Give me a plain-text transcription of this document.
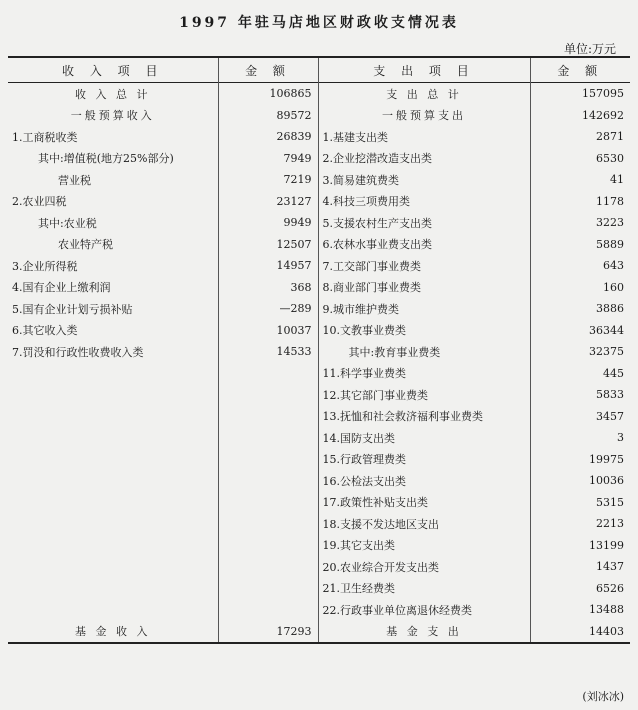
1997 年驻马店地区财政收支情况表
单位:万元
收 入 项 目	金 额	支 出 项 目	金 额
收 入 总 计	106865	支 出 总 计	157095
一般预算收入	89572	一般预算支出	142692
1.工商税收类	26839	1.基建支出类	2871
其中:增值税(地方25%部分)	7949	2.企业挖潜改造支出类	6530
营业税	7219	3.简易建筑费类	41
2.农业四税	23127	4.科技三项费用类	1178
其中:农业税	9949	5.支援农村生产支出类	3223
农业特产税	12507	6.农林水事业费支出类	5889
3.企业所得税	14957	7.工交部门事业费类	643
4.国有企业上缴利润	368	8.商业部门事业费类	160
5.国有企业计划亏损补贴	—289	9.城市维护费类	3886
6.其它收入类	10037	10.文教事业费类	36344
7.罚没和行政性收费收入类	14533	其中:教育事业费类	32375
		11.科学事业费类	445
		12.其它部门事业费类	5833
		13.抚恤和社会救济福利事业费类	3457
		14.国防支出类	3
		15.行政管理费类	19975
		16.公检法支出类	10036
		17.政策性补贴支出类	5315
		18.支援不发达地区支出	2213
		19.其它支出类	13199
		20.农业综合开发支出类	1437
		21.卫生经费类	6526
		22.行政事业单位离退休经费类	13488
基 金 收 入	17293	基 金 支 出	14403
(刘冰冰)
